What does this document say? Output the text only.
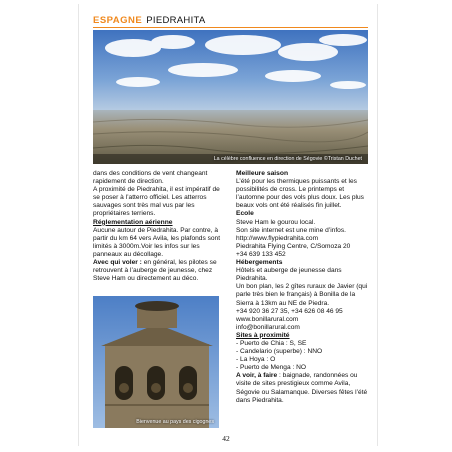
ESPAGNE PIEDRAHITA
La célèbre confluence en direction de Ségovie ©Tristan Duchet

dans des conditions de vent changeant rapidement de direction.

A proximité de Piedrahita, il est impératif de se poser à l’atterro officiel. Les atterros sauvages sont très mal vus par les propriétaires terriens.

Réglementation aérienne

Aucune autour de Piedrahita. Par contre, à partir du km 64 vers Avila, les plafonds sont limités à 3000m.Voir les infos sur les panneaux au décollage.

Avec qui voler : en général, les pilotes se retrouvent à l’auberge de jeunesse, chez Steve Ham ou directement au déco.

Bienvenue au pays des cigognes

Meilleure saison

L’été pour les thermiques puissants et les possibilités de cross. Le printemps et l’automne pour des vols plus doux. Les plus beaux vols ont été réalisés fin juillet.

Ecole

Steve Ham le gourou local.

Son site internet est une mine d’infos.

http://www.flypiedrahita.com

Piedrahita Flying Centre, C/Somoza 20

+34 639 133 452

Hébergements

Hôtels et auberge de jeunesse dans Piedrahita.

Un bon plan, les 2 gîtes ruraux de Javier (qui parle très bien le français) à Bonilla de la Sierra à 13km au NE de Piedra.

+34 920 36 27 35, +34 626 08 46 95

www.bonillarural.com

info@bonillarural.com

Sites à proximité

- Puerto de Chia : S, SE

- Candelario (superbe) : NNO

- La Hoya : O

- Puerto de Menga : NO

A voir, à faire : baignade, randonnées ou visite de sites prestigieux comme Avila, Ségovie ou Salamanque. Diverses fêtes l’été dans Piedrahita.

42
